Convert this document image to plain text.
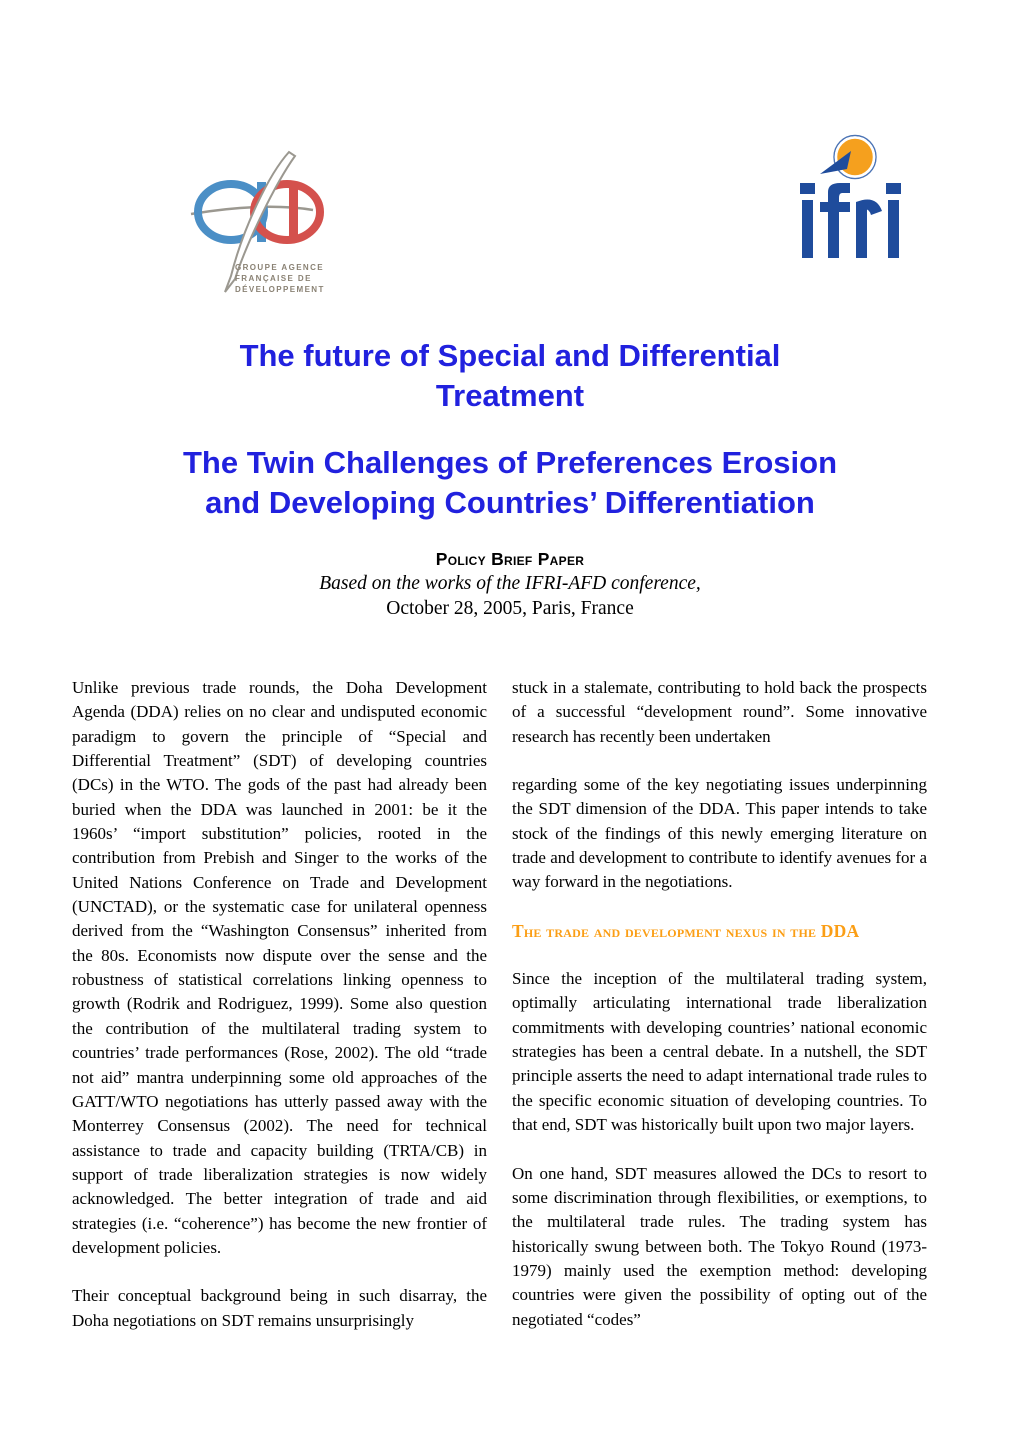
GROUPE AGENCE
FRANÇAISE DE
DÉVELOPPEMENT
The future of Special and Differential
Treatment
The Twin Challenges of Preferences Erosion
and Developing Countries’ Differentiation
Policy Brief Paper
Based on the works of the IFRI-AFD conference,
October 28, 2005, Paris, France

Unlike previous trade rounds, the Doha Development Agenda (DDA) relies on no clear and undisputed economic paradigm to govern the principle of “Special and Differential Treatment” (SDT) of developing countries (DCs) in the WTO. The gods of the past had already been buried when the DDA was launched in 2001: be it the 1960s’ “import substitution” policies, rooted in the contribution from Prebish and Singer to the works of the United Nations Conference on Trade and Development (UNCTAD), or the systematic case for unilateral openness derived from the “Washington Consensus” inherited from the 80s. Economists now dispute over the sense and the robustness of statistical correlations linking openness to growth (Rodrik and Rodriguez, 1999). Some also question the contribution of the multilateral trading system to countries’ trade performances (Rose, 2002). The old “trade not aid” mantra underpinning some old approaches of the GATT/WTO negotiations has utterly passed away with the Monterrey Consensus (2002). The need for technical assistance to trade and capacity building (TRTA/CB) in support of trade liberalization strategies is now widely acknowledged. The better integration of trade and aid strategies (i.e. “coherence”) has become the new frontier of development policies.

Their conceptual background being in such disarray, the Doha negotiations on SDT remains unsurprisingly

stuck in a stalemate, contributing to hold back the prospects of a successful “development round”. Some innovative research has recently been undertaken

regarding some of the key negotiating issues underpinning the SDT dimension of the DDA. This paper intends to take stock of the findings of this newly emerging literature on trade and development to contribute to identify avenues for a way forward in the negotiations.

The trade and development nexus in the DDA

Since the inception of the multilateral trading system, optimally articulating international trade liberalization commitments with developing countries’ national economic strategies has been a central debate. In a nutshell, the SDT principle asserts the need to adapt international trade rules to the specific economic situation of developing countries. To that end, SDT was historically built upon two major layers.

On one hand, SDT measures allowed the DCs to resort to some discrimination through flexibilities, or exemptions, to the multilateral trade rules. The trading system has historically swung between both. The Tokyo Round (1973-1979) mainly used the exemption method: developing countries were given the possibility of opting out of the negotiated “codes”
